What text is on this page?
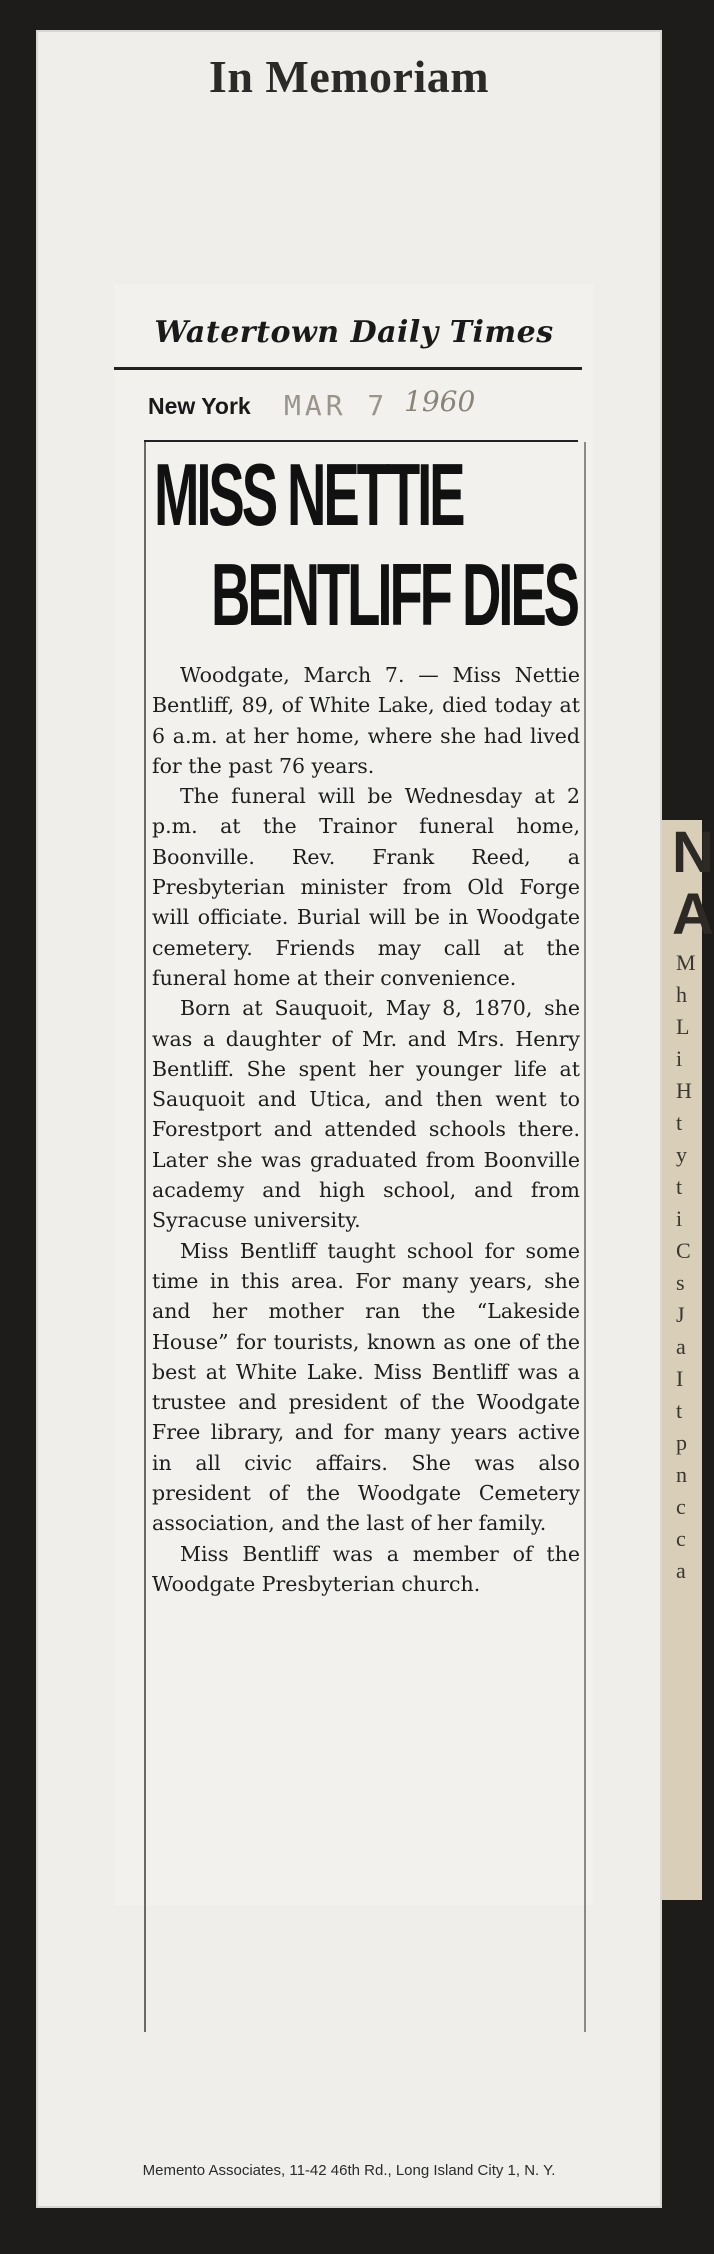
N
A
M
h
L
i
H
t
y
t
i
C
s
J
a
I
t
p
n
c
c
a
In Memoriam
Watertown Daily Times
New York MAR 7 1960
MISS NETTIE
BENTLIFF DIES

Woodgate, March 7. — Miss Nettie Bentliff, 89, of White Lake, died today at 6 a.m. at her home, where she had lived for the past 76 years.

The funeral will be Wednesday at 2 p.m. at the Trainor funeral home, Boonville. Rev. Frank Reed, a Presbyterian minister from Old Forge will officiate. Burial will be in Woodgate cemetery. Friends may call at the funeral home at their convenience.

Born at Sauquoit, May 8, 1870, she was a daughter of Mr. and Mrs. Henry Bentliff. She spent her younger life at Sauquoit and Utica, and then went to Forestport and attended schools there. Later she was graduated from Boonville academy and high school, and from Syracuse university.

Miss Bentliff taught school for some time in this area. For many years, she and her mother ran the “Lakeside House” for tourists, known as one of the best at White Lake. Miss Bentliff was a trustee and president of the Woodgate Free library, and for many years active in all civic affairs. She was also president of the Woodgate Cemetery association, and the last of her family.

Miss Bentliff was a member of the Woodgate Presbyterian church.

Memento Associates, 11-42 46th Rd., Long Island City 1, N. Y.
